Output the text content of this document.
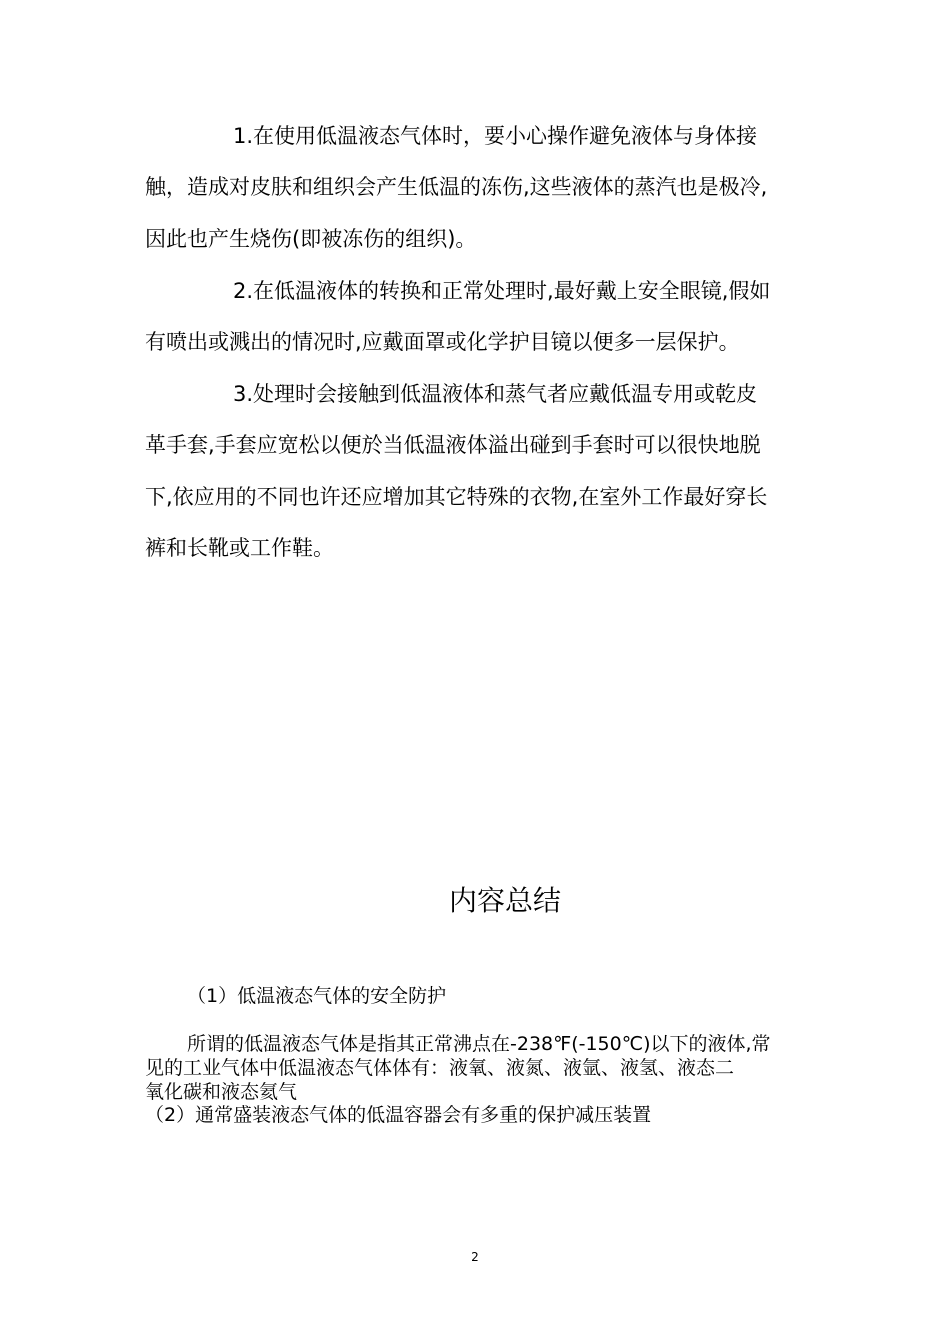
1.在使用低温液态气体时，要小心操作避免液体与身体接
触，造成对皮肤和组织会产生低温的冻伤,这些液体的蒸汽也是极冷,
因此也产生烧伤(即被冻伤的组织)。
2.在低温液体的转换和正常处理时,最好戴上安全眼镜,假如
有喷出或溅出的情况时,应戴面罩或化学护目镜以便多一层保护。
3.处理时会接触到低温液体和蒸气者应戴低温专用或乾皮
革手套,手套应宽松以便於当低温液体溢出碰到手套时可以很快地脱
下,依应用的不同也许还应增加其它特殊的衣物,在室外工作最好穿长
裤和长靴或工作鞋。
内容总结
（1）低温液态气体的安全防护
所谓的低温液态气体是指其正常沸点在-238℉(-150℃)以下的液体,常
见的工业气体中低温液态气体体有：液氧、液氮、液氩、液氢、液态二
氧化碳和液态氦气
（2）通常盛装液态气体的低温容器会有多重的保护减压装置
2
